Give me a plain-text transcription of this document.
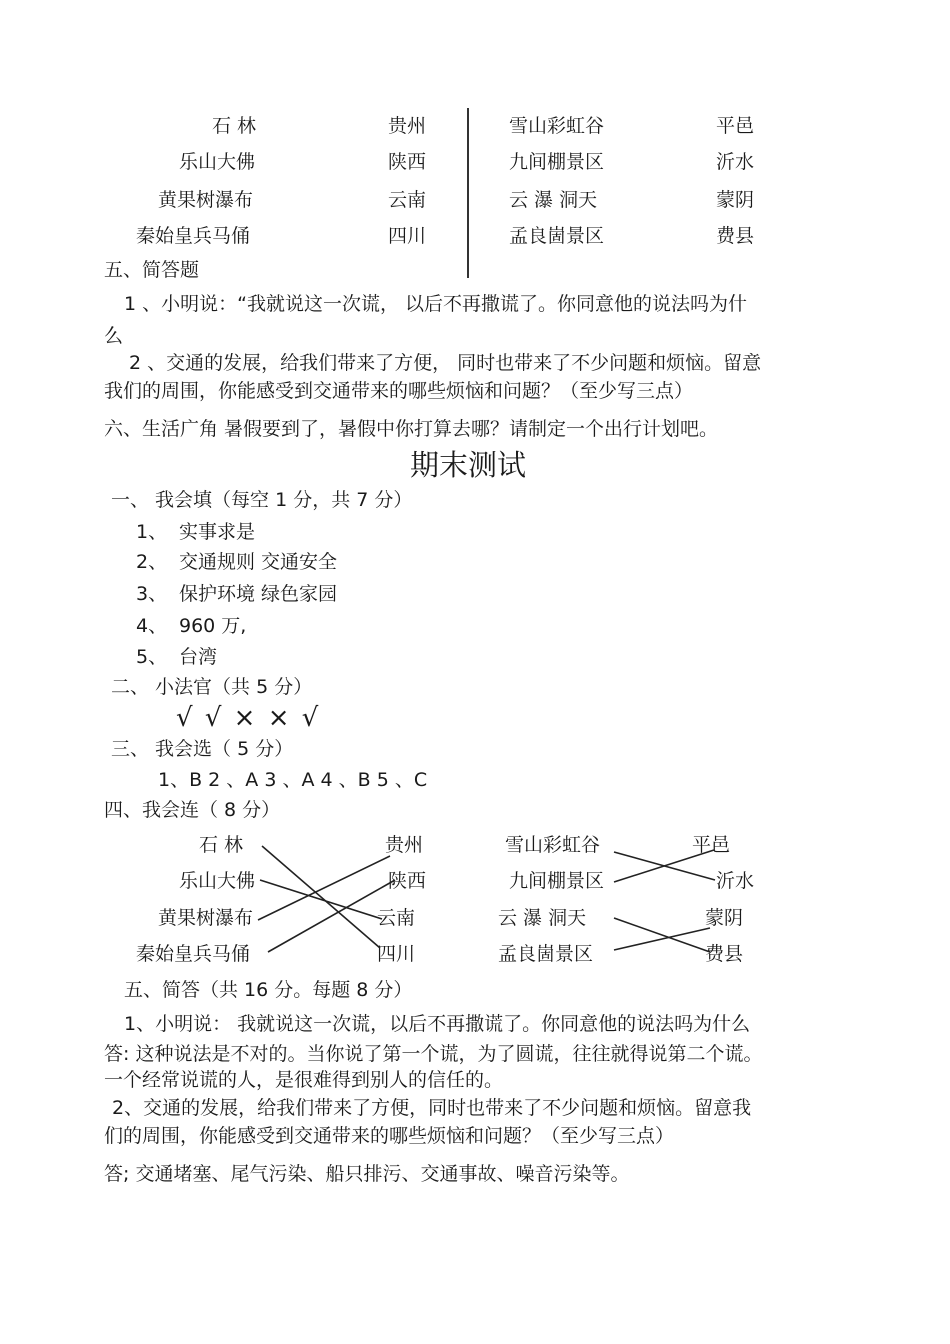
石 林
乐山大佛
黄果树瀑布
秦始皇兵马俑
贵州
陕西
云南
四川
雪山彩虹谷
九间棚景区
云 瀑 洞天
孟良崮景区
平邑
沂水
蒙阴
费县
五、简答题
1 、小明说：“我就说这一次谎， 以后不再撒谎了。你同意他的说法吗为什
么
2 、交通的发展，给我们带来了方便， 同时也带来了不少问题和烦恼。留意
我们的周围，你能感受到交通带来的哪些烦恼和问题？（至少写三点）
六、生活广角 暑假要到了，暑假中你打算去哪？请制定一个出行计划吧。
期末测试
一、 我会填（每空 1 分，共 7 分）
1、 实事求是
2、 交通规则 交通安全
3、 保护环境 绿色家园
4、 960 万,
5、 台湾
二、 小法官（共 5 分）
√ √ × × √
三、 我会选（ 5 分）
1、B 2 、A 3 、A 4 、B 5 、C
四、我会连（ 8 分）
石 林
乐山大佛
黄果树瀑布
秦始皇兵马俑
贵州
陕西
云南
四川
雪山彩虹谷
九间棚景区
云 瀑 洞天
孟良崮景区
平邑
沂水
蒙阴
费县
五、简答（共 16 分。每题 8 分）
1、小明说： 我就说这一次谎，以后不再撒谎了。你同意他的说法吗为什么
答: 这种说法是不对的。当你说了第一个谎，为了圆谎，往往就得说第二个谎。
一个经常说谎的人，是很难得到别人的信任的。
2、交通的发展，给我们带来了方便，同时也带来了不少问题和烦恼。留意我
们的周围，你能感受到交通带来的哪些烦恼和问题？（至少写三点）
答; 交通堵塞、尾气污染、船只排污、交通事故、噪音污染等。
